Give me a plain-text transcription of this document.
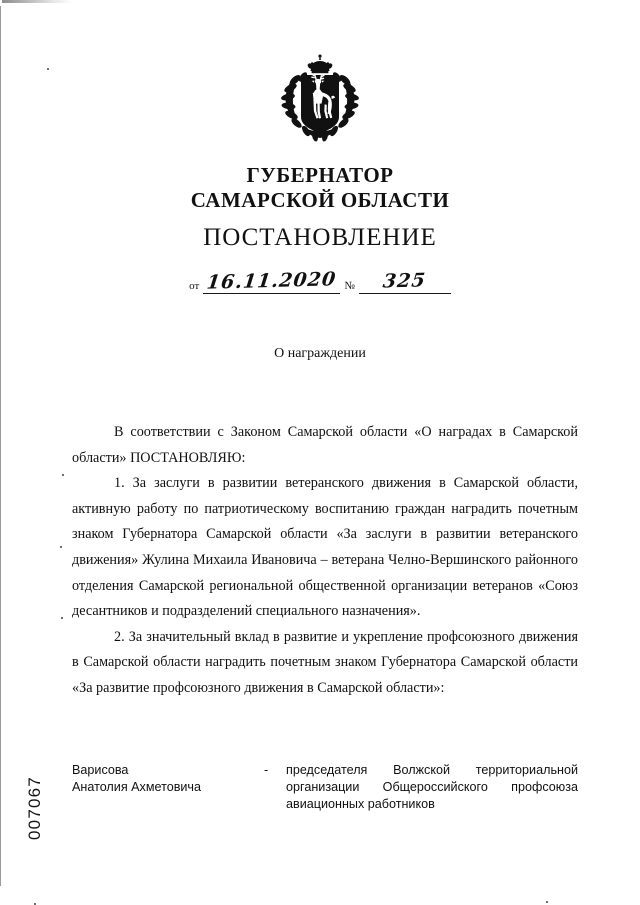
ГУБЕРНАТОР
САМАРСКОЙ ОБЛАСТИ
ПОСТАНОВЛЕНИЕ
от 16.11.2020 №	325
О награждении

В соответствии с Законом Самарской области «О наградах в Самарской области» ПОСТАНОВЛЯЮ:

1. За заслуги в развитии ветеранского движения в Самарской области, активную работу по патриотическому воспитанию граждан наградить почетным знаком Губернатора Самарской области «За заслуги в развитии ветеранского движения» Жулина Михаила Ивановича – ветерана Челно-Вершинского районного отделения Самарской региональной общественной организации ветеранов «Союз десантников и подразделений специального назначения».

2. За значительный вклад в развитие и укрепление профсоюзного движения в Самарской области наградить почетным знаком Губернатора Самарской области «За развитие профсоюзного движения в Самарской области»:

Варисова
Анатолия Ахметовича
-	председателя Волжской территориальной организации Общероссийского профсоюза авиационных работников
007067
